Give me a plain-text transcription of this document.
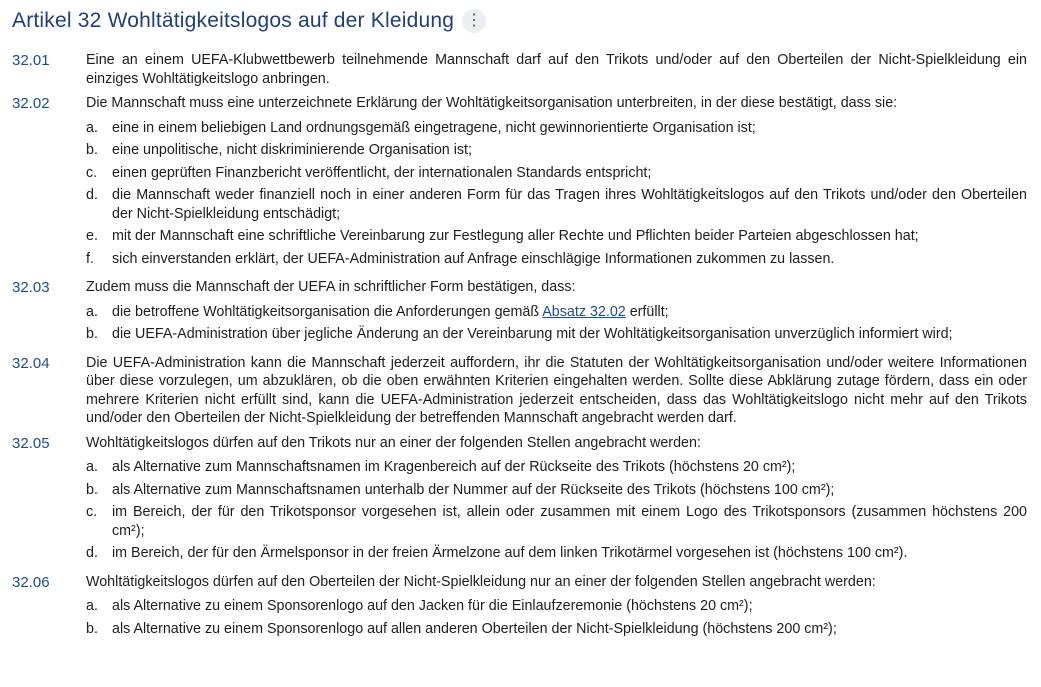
Artikel 32 Wohltätigkeitslogos auf der Kleidung ⋮
32.01	Eine an einem UEFA-Klubwettbewerb teilnehmende Mannschaft darf auf den Trikots und/oder auf den Oberteilen der Nicht-Spielkleidung ein einziges Wohltätigkeitslogo anbringen.
32.02	Die Mannschaft muss eine unterzeichnete Erklärung der Wohltätigkeitsorganisation unterbreiten, in der diese bestätigt, dass sie:
a. eine in einem beliebigen Land ordnungsgemäß eingetragene, nicht gewinnorientierte Organisation ist;
b. eine unpolitische, nicht diskriminierende Organisation ist;
c.	einen geprüften Finanzbericht veröffentlicht, der internationalen Standards entspricht;
d. die Mannschaft weder finanziell noch in einer anderen Form für das Tragen ihres Wohltätigkeitslogos auf den Trikots und/oder den Oberteilen der Nicht-Spielkleidung entschädigt;
e. mit der Mannschaft eine schriftliche Vereinbarung zur Festlegung aller Rechte und Pflichten beider Parteien abgeschlossen hat;
f.	sich einverstanden erklärt, der UEFA-Administration auf Anfrage einschlägige Informationen zukommen zu lassen.
32.03	Zudem muss die Mannschaft der UEFA in schriftlicher Form bestätigen, dass:
a. die betroffene Wohltätigkeitsorganisation die Anforderungen gemäß Absatz 32.02 erfüllt;
b. die UEFA-Administration über jegliche Änderung an der Vereinbarung mit der Wohltätigkeitsorganisation unverzüglich informiert wird;
32.04	Die UEFA-Administration kann die Mannschaft jederzeit auffordern, ihr die Statuten der Wohltätigkeitsorganisation und/oder weitere Informationen über diese vorzulegen, um abzuklären, ob die oben erwähnten Kriterien eingehalten werden. Sollte diese Abklärung zutage fördern, dass ein oder mehrere Kriterien nicht erfüllt sind, kann die UEFA-Administration jederzeit entscheiden, dass das Wohltätigkeitslogo nicht mehr auf den Trikots und/oder den Oberteilen der Nicht-Spielkleidung der betreffenden Mannschaft angebracht werden darf.
32.05	Wohltätigkeitslogos dürfen auf den Trikots nur an einer der folgenden Stellen angebracht werden:
a. als Alternative zum Mannschaftsnamen im Kragenbereich auf der Rückseite des Trikots (höchstens 20 cm²);
b. als Alternative zum Mannschaftsnamen unterhalb der Nummer auf der Rückseite des Trikots (höchstens 100 cm²);
c.	im Bereich, der für den Trikotsponsor vorgesehen ist, allein oder zusammen mit einem Logo des Trikotsponsors (zusammen höchstens 200 cm²);
d. im Bereich, der für den Ärmelsponsor in der freien Ärmelzone auf dem linken Trikotärmel vorgesehen ist (höchstens 100 cm²).
32.06	Wohltätigkeitslogos dürfen auf den Oberteilen der Nicht-Spielkleidung nur an einer der folgenden Stellen angebracht werden:
a. als Alternative zu einem Sponsorenlogo auf den Jacken für die Einlaufzeremonie (höchstens 20 cm²);
b. als Alternative zu einem Sponsorenlogo auf allen anderen Oberteilen der Nicht-Spielkleidung (höchstens 200 cm²);
